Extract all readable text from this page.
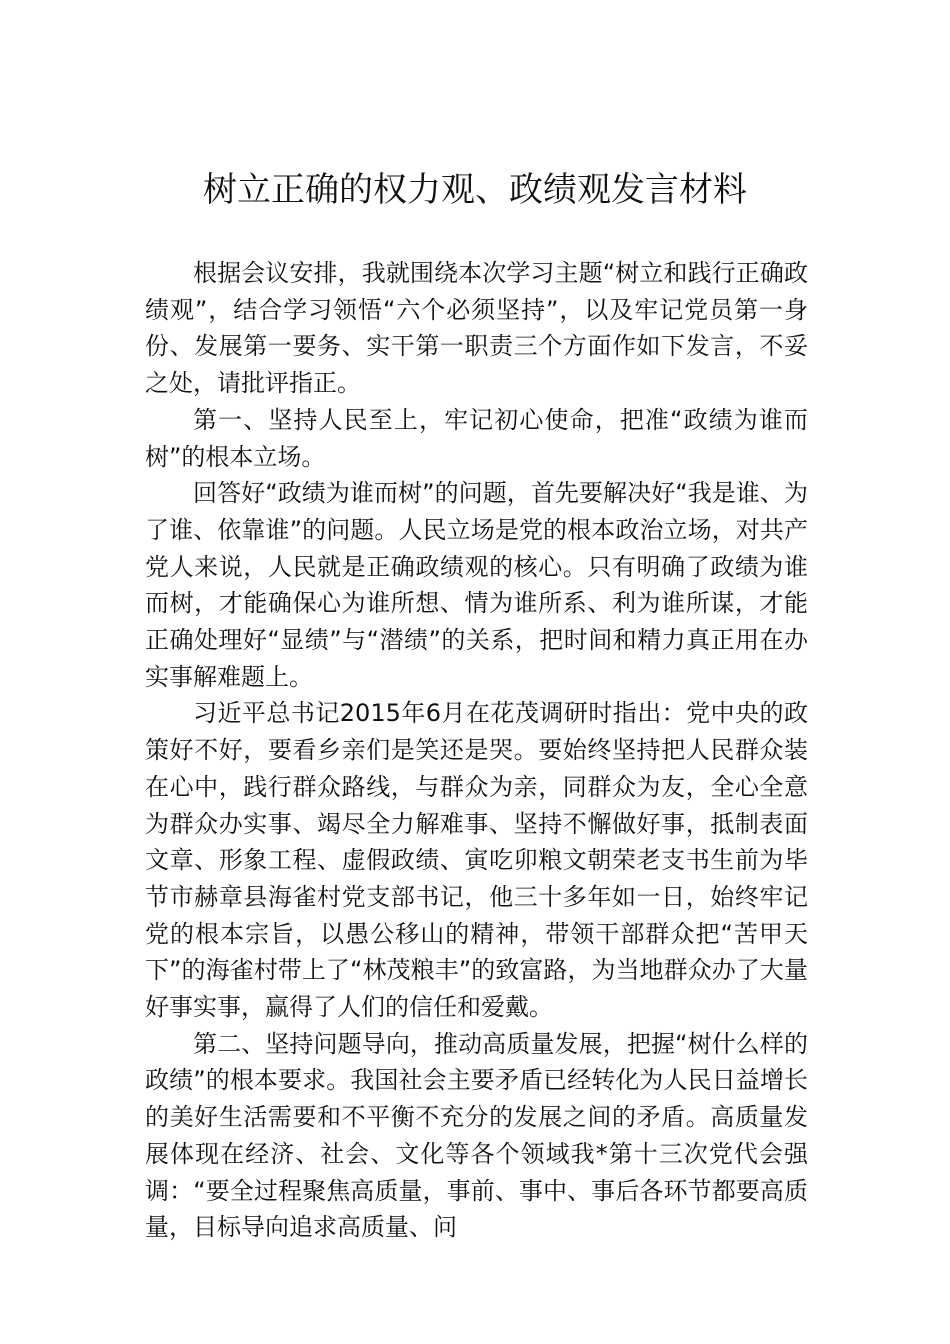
树立正确的权力观、政绩观发言材料

根据会议安排，我就围绕本次学习主题“树立和践行正确政绩观”，结合学习领悟“六个必须坚持”，以及牢记党员第一身份、发展第一要务、实干第一职责三个方面作如下发言，不妥之处，请批评指正。

第一、坚持人民至上，牢记初心使命，把准“政绩为谁而树”的根本立场。

回答好“政绩为谁而树”的问题，首先要解决好“我是谁、为了谁、依靠谁”的问题。人民立场是党的根本政治立场，对共产党人来说，人民就是正确政绩观的核心。只有明确了政绩为谁而树，才能确保心为谁所想、情为谁所系、利为谁所谋，才能正确处理好“显绩”与“潜绩”的关系，把时间和精力真正用在办实事解难题上。

习近平总书记2015年6月在花茂调研时指出：党中央的政策好不好，要看乡亲们是笑还是哭。要始终坚持把人民群众装在心中，践行群众路线，与群众为亲，同群众为友，全心全意为群众办实事、竭尽全力解难事、坚持不懈做好事，抵制表面文章、形象工程、虚假政绩、寅吃卯粮文朝荣老支书生前为毕节市赫章县海雀村党支部书记，他三十多年如一日，始终牢记党的根本宗旨，以愚公移山的精神，带领干部群众把“苦甲天下”的海雀村带上了“林茂粮丰”的致富路，为当地群众办了大量好事实事，赢得了人们的信任和爱戴。

第二、坚持问题导向，推动高质量发展，把握“树什么样的政绩”的根本要求。我国社会主要矛盾已经转化为人民日益增长的美好生活需要和不平衡不充分的发展之间的矛盾。高质量发展体现在经济、社会、文化等各个领域我*第十三次党代会强调：“要全过程聚焦高质量，事前、事中、事后各环节都要高质量，目标导向追求高质量、问
